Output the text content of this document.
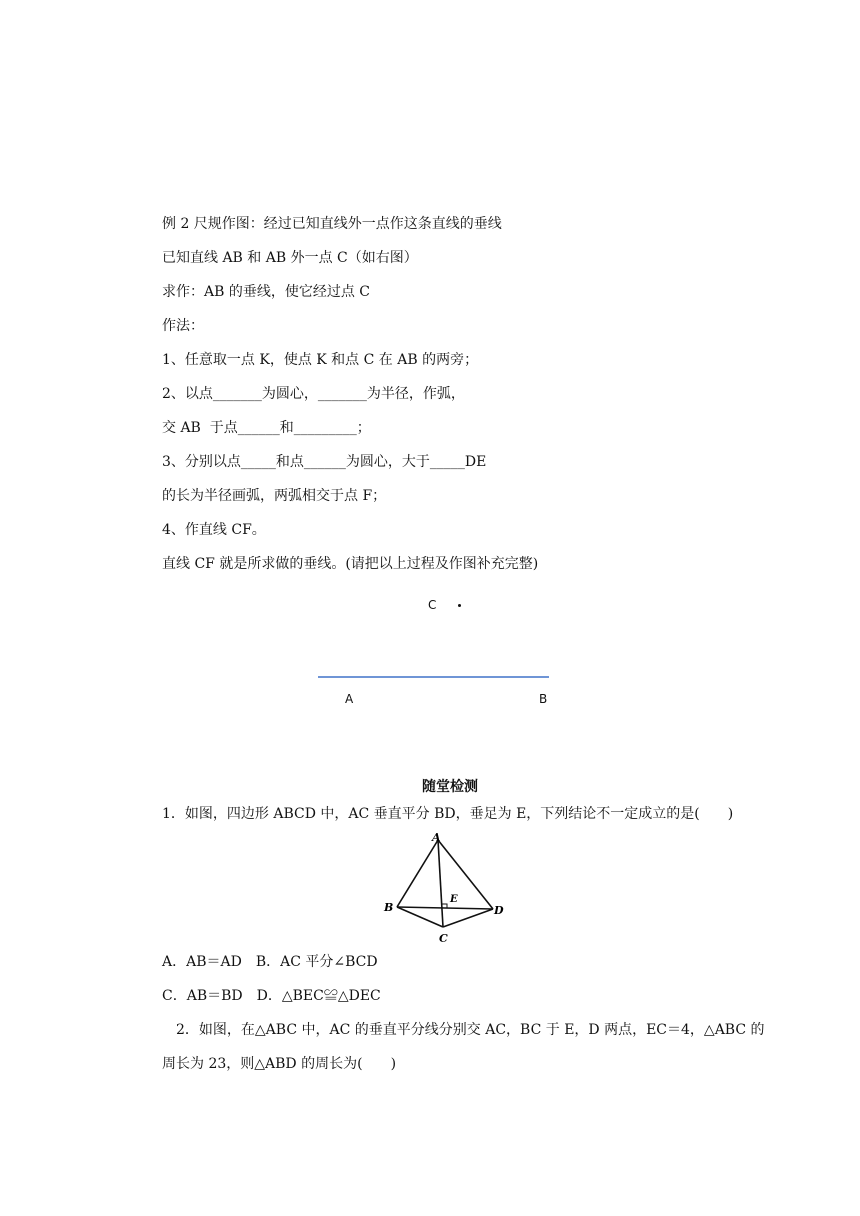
例 2 尺规作图：经过已知直线外一点作这条直线的垂线
已知直线 AB 和 AB 外一点 C（如右图）
求作：AB 的垂线，使它经过点 C
作法：
1、任意取一点 K，使点 K 和点 C 在 AB 的两旁；
2、以点_______为圆心，_______为半径，作弧，
交 AB  于点______和_________；
3、分别以点_____和点______为圆心，大于_____DE
的长为半径画弧，两弧相交于点 F；
4、作直线 CF。
直线 CF 就是所求做的垂线。(请把以上过程及作图补充完整)
C
A	B
随堂检测
1．如图，四边形 ABCD 中，AC 垂直平分 BD，垂足为 E，下列结论不一定成立的是(　　)
A
B
C
D
E
A．AB＝AD　B．AC 平分∠BCD
C．AB＝BD　D．△BEC≌△DEC
2．如图，在△ABC 中，AC 的垂直平分线分别交 AC，BC 于 E，D 两点，EC＝4，△ABC 的
周长为 23，则△ABD 的周长为(　　)
